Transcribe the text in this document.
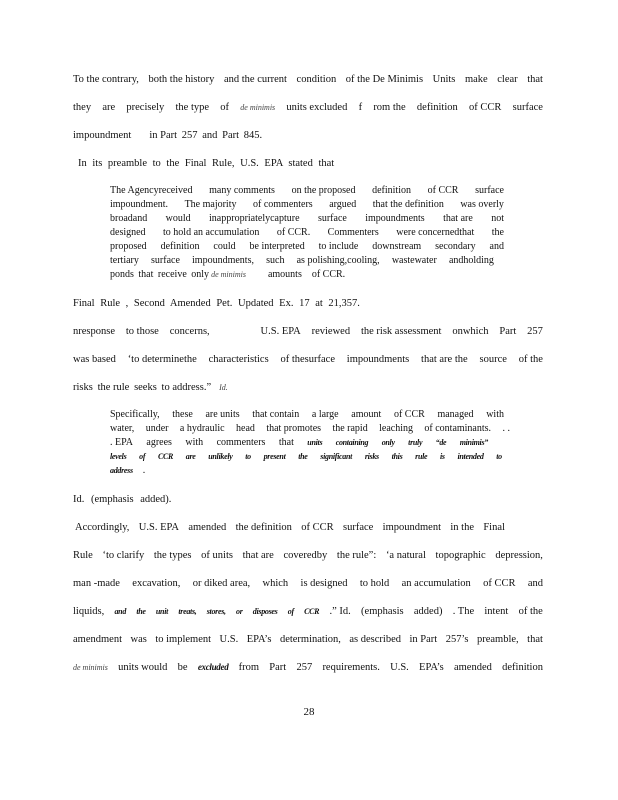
To the contrary, both the history and the current condition of the De Minimis Units make clear that
they are precisely the type of de minimis units excluded f rom the definition of CCR surface
impoundment in Part 257 and Part 845.
In its preamble to the Final Rule, U.S. EPA stated that
The Agencyreceived many comments on the proposed definition of CCR surface
impoundment. The majority of commenters argued that the definition was overly
broadand would inappropriatelycapture surface impoundments that are not
designed to hold an accumulation of CCR. Commenters were concernedthat the
proposed definition could be interpreted to include downstream secondary and
tertiary surface impoundments, such as polishing,cooling, wastewater andholding
ponds that receive only de minimis amounts of CCR.
Final Rule , Second Amended Pet. Updated Ex. 17 at 21,357.
nresponse to those concerns,	U.S. EPA reviewed the risk assessment onwhich Part 257
was based ‘to determinethe characteristics of thesurface impoundments that are the source of the
risks the rule seeks to address.” Id.
Specifically, these are units that contain a large amount of CCR managed with
water, under a hydraulic head that promotes the rapid leaching of contaminants. . .
. EPA agrees with commenters that units containing only truly “de minimis”
levels of CCR are unlikely to present the significant risks this rule is intended to
address .
Id. (emphasis added).
Accordingly, U.S. EPA amended the definition of CCR surface impoundment in the Final
Rule ‘to clarify the types of units that are coveredby the rule”: ‘a natural topographic depression,
man -made excavation, or diked area, which is designed to hold an accumulation of CCR and
liquids, and the unit treats, stores, or disposes of CCR .” Id. (emphasis added) . The intent of the
amendment was to implement U.S. EPA’s determination, as described in Part 257’s preamble, that
de minimis units would be excluded from Part 257 requirements. U.S. EPA’s amended definition
28
